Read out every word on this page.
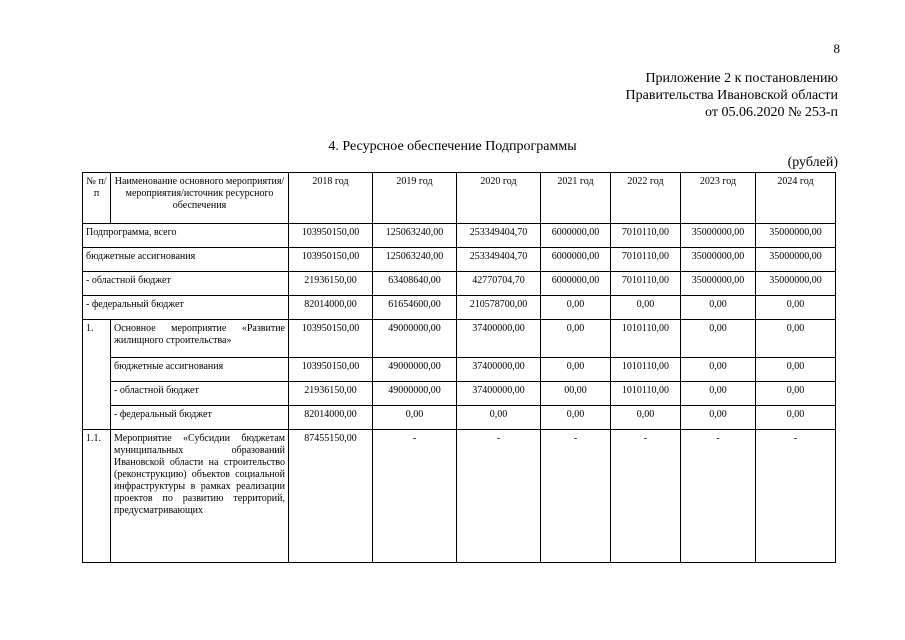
8
Приложение 2 к постановлению
Правительства Ивановской области
от 05.06.2020 № 253-п
4. Ресурсное обеспечение Подпрограммы
(рублей)
№ п/п	Наименование основного мероприятия/мероприятия/источник ресурсного обеспечения	2018 год	2019 год	2020 год	2021 год	2022 год	2023 год	2024 год
Подпрограмма, всего		103950150,00	125063240,00	253349404,70	6000000,00	7010110,00	35000000,00	35000000,00
бюджетные ассигнования		103950150,00	125063240,00	253349404,70	6000000,00	7010110,00	35000000,00	35000000,00
- областной бюджет		21936150,00	63408640,00	42770704,70	6000000,00	7010110,00	35000000,00	35000000,00
- федеральный бюджет		82014000,00	61654600,00	210578700,00	0,00	0,00	0,00	0,00
1.	Основное мероприятие «Развитие жилищного строительства»	103950150,00	49000000,00	37400000,00	0,00	1010110,00	0,00	0,00
	бюджетные ассигнования	103950150,00	49000000,00	37400000,00	0,00	1010110,00	0,00	0,00
	- областной бюджет	21936150,00	49000000,00	37400000,00	00,00	1010110,00	0,00	0,00
	- федеральный бюджет	82014000,00	0,00	0,00	0,00	0,00	0,00	0,00
1.1.	Мероприятие «Субсидии бюджетам муниципальных образований Ивановской области на строительство (реконструкцию) объектов социальной инфраструктуры в рамках реализации проектов по развитию территорий, предусматривающих	87455150,00	-	-	-	-	-	-
